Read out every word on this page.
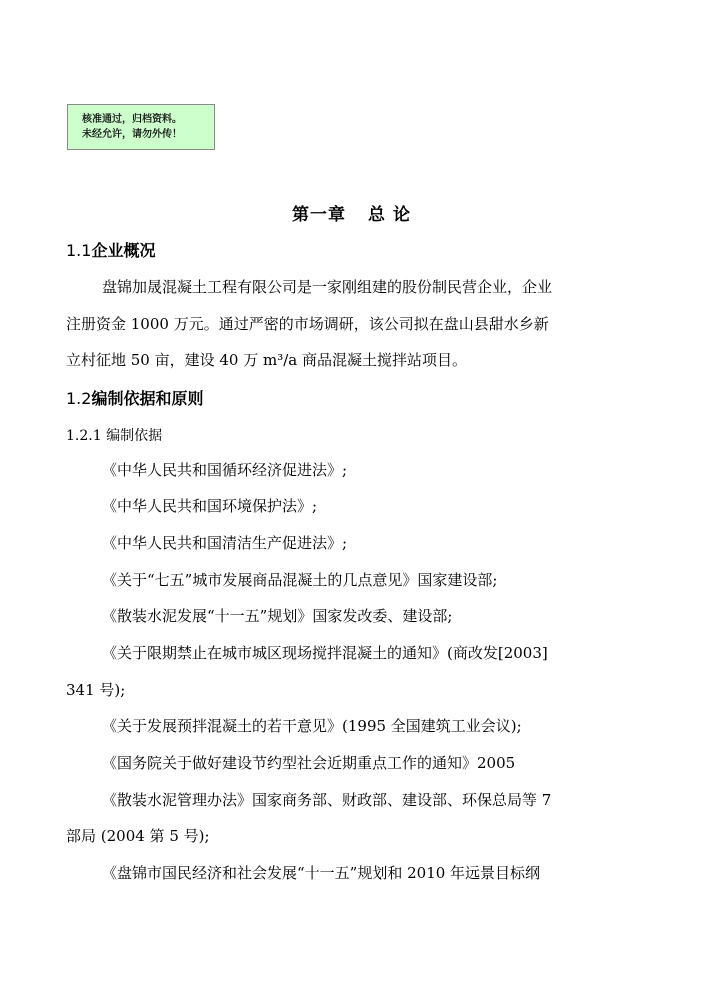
核准通过，归档资料。
未经允许，请勿外传！
第一章 总 论
1.1企业概况
盘锦加晟混凝土工程有限公司是一家刚组建的股份制民营企业，企业
注册资金 1000 万元。通过严密的市场调研，该公司拟在盘山县甜水乡新
立村征地 50 亩，建设 40 万 m³/a 商品混凝土搅拌站项目。
1.2编制依据和原则
1.2.1 编制依据
《中华人民共和国循环经济促进法》;
《中华人民共和国环境保护法》;
《中华人民共和国清洁生产促进法》;
《关于“七五”城市发展商品混凝土的几点意见》国家建设部;
《散装水泥发展“十一五”规划》国家发改委、建设部;
《关于限期禁止在城市城区现场搅拌混凝土的通知》(商改发[2003]
341 号);
《关于发展预拌混凝土的若干意见》(1995 全国建筑工业会议);
《国务院关于做好建设节约型社会近期重点工作的通知》2005
《散装水泥管理办法》国家商务部、财政部、建设部、环保总局等 7
部局 (2004 第 5 号);
《盘锦市国民经济和社会发展“十一五”规划和 2010 年远景目标纲
